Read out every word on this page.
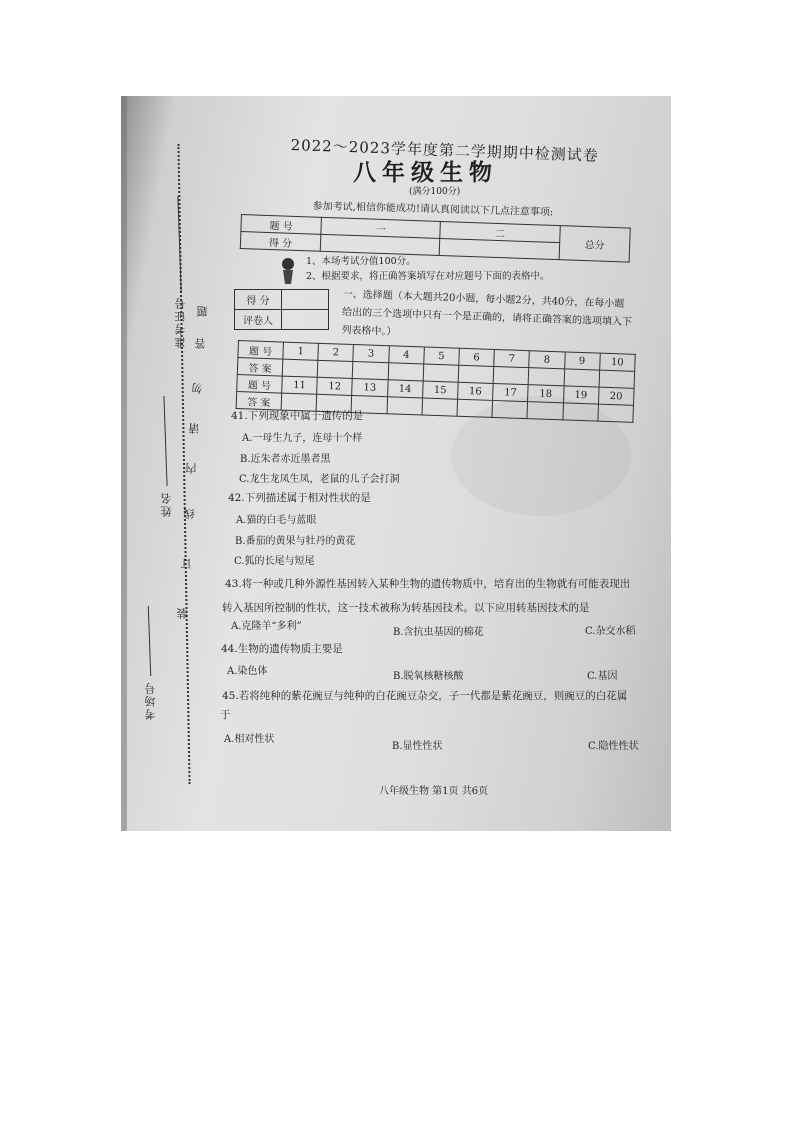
准考证号
姓名
考场号
题
答
勿
请
内
线
订
装
2022～2023学年度第二学期期中检测试卷
八年级生物
(满分100分)
参加考试,相信你能成功!请认真阅读以下几点注意事项:
题 号	一	二	总分
得 分			
1、本场考试分值100分。
2、根据要求，将正确答案填写在对应题号下面的表格中。
得 分	
评卷人	
一、选择题（本大题共20小题，每小题2分，共40分，在每小题给出的三个选项中只有一个是正确的，请将正确答案的选项填入下列表格中。）
题 号	1	2	3	4	5	6	7	8	9	10
答 案										
题 号	11	12	13	14	15	16	17	18	19	20
答 案										
41.下列现象中属于遗传的是
A.一母生九子，连母十个样
B.近朱者赤近墨者黑
C.龙生龙凤生凤，老鼠的儿子会打洞
42.下列描述属于相对性状的是
A.猫的白毛与蓝眼
B.番茄的黄果与牡丹的黄花
C.狐的长尾与短尾
43.将一种或几种外源性基因转入某种生物的遗传物质中，培育出的生物就有可能表现出
转入基因所控制的性状，这一技术被称为转基因技术。以下应用转基因技术的是
A.克隆羊“多利”
B.含抗虫基因的棉花	C.杂交水稻
44.生物的遗传物质主要是
A.染色体	B.脱氧核糖核酸	C.基因
45.若将纯种的紫花豌豆与纯种的白花豌豆杂交，子一代都是紫花豌豆，则豌豆的白花属
于
A.相对性状
B.显性性状	C.隐性性状
八年级生物 第1页 共6页
